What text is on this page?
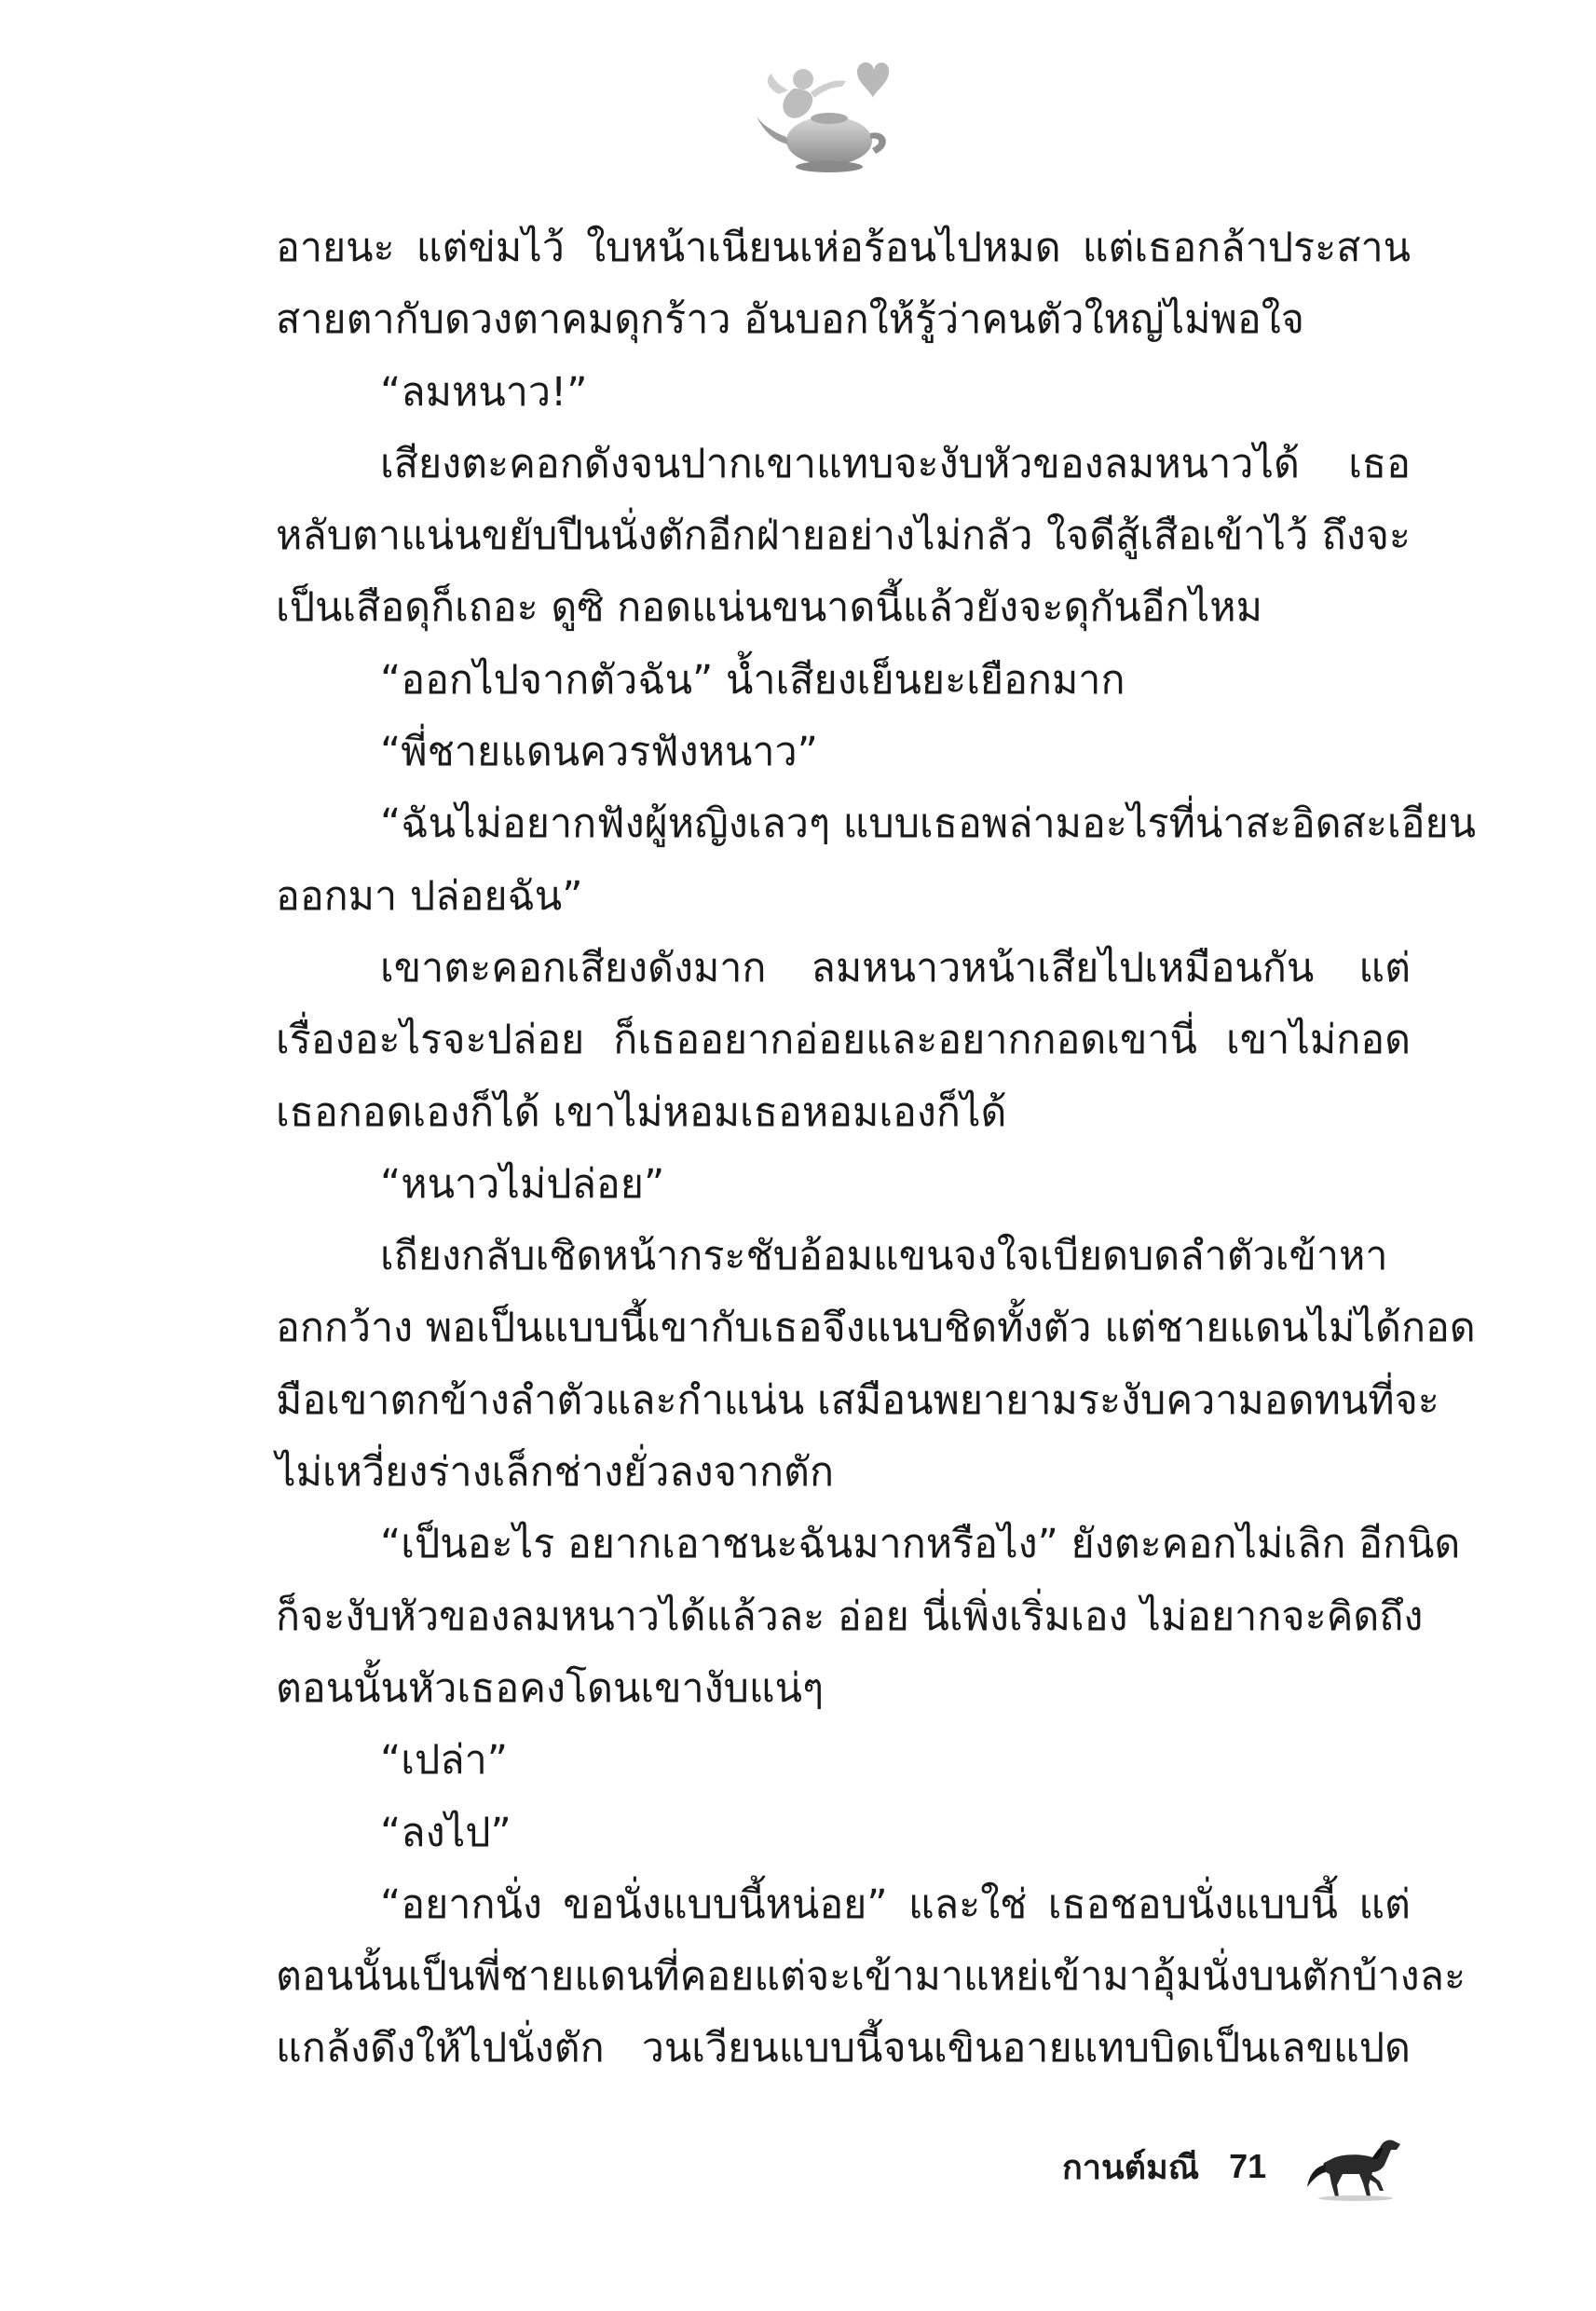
อายนะ แต่ข่มไว้ ใบหน้าเนียนเห่อร้อนไปหมด แต่เธอกล้าประสาน
สายตากับดวงตาคมดุกร้าว อันบอกให้รู้ว่าคนตัวใหญ่ไม่พอใจ
“ลมหนาว!”
เสียงตะคอกดังจนปากเขาแทบจะงับหัวของลมหนาวได้ เธอ
หลับตาแน่นขยับปีนนั่งตักอีกฝ่ายอย่างไม่กลัว ใจดีสู้เสือเข้าไว้ ถึงจะ
เป็นเสือดุก็เถอะ ดูซิ กอดแน่นขนาดนี้แล้วยังจะดุกันอีกไหม
“ออกไปจากตัวฉัน” น้ำเสียงเย็นยะเยือกมาก
“พี่ชายแดนควรฟังหนาว”
“ฉันไม่อยากฟังผู้หญิงเลวๆ แบบเธอพล่ามอะไรที่น่าสะอิดสะเอียน
ออกมา ปล่อยฉัน”
เขาตะคอกเสียงดังมาก ลมหนาวหน้าเสียไปเหมือนกัน แต่
เรื่องอะไรจะปล่อย ก็เธออยากอ่อยและอยากกอดเขานี่ เขาไม่กอด
เธอกอดเองก็ได้ เขาไม่หอมเธอหอมเองก็ได้
“หนาวไม่ปล่อย”
เถียงกลับเชิดหน้ากระชับอ้อมแขนจงใจเบียดบดลำตัวเข้าหา
อกกว้าง พอเป็นแบบนี้เขากับเธอจึงแนบชิดทั้งตัว แต่ชายแดนไม่ได้กอด
มือเขาตกข้างลำตัวและกำแน่น เสมือนพยายามระงับความอดทนที่จะ
ไม่เหวี่ยงร่างเล็กช่างยั่วลงจากตัก
“เป็นอะไร อยากเอาชนะฉันมากหรือไง” ยังตะคอกไม่เลิก อีกนิด
ก็จะงับหัวของลมหนาวได้แล้วละ อ่อย นี่เพิ่งเริ่มเอง ไม่อยากจะคิดถึง
ตอนนั้นหัวเธอคงโดนเขางับแน่ๆ
“เปล่า”
“ลงไป”
“อยากนั่ง ขอนั่งแบบนี้หน่อย” และใช่ เธอชอบนั่งแบบนี้ แต่
ตอนนั้นเป็นพี่ชายแดนที่คอยแต่จะเข้ามาแหย่เข้ามาอุ้มนั่งบนตักบ้างละ
แกล้งดึงให้ไปนั่งตัก วนเวียนแบบนี้จนเขินอายแทบบิดเป็นเลขแปด
กานต์มณี 71
